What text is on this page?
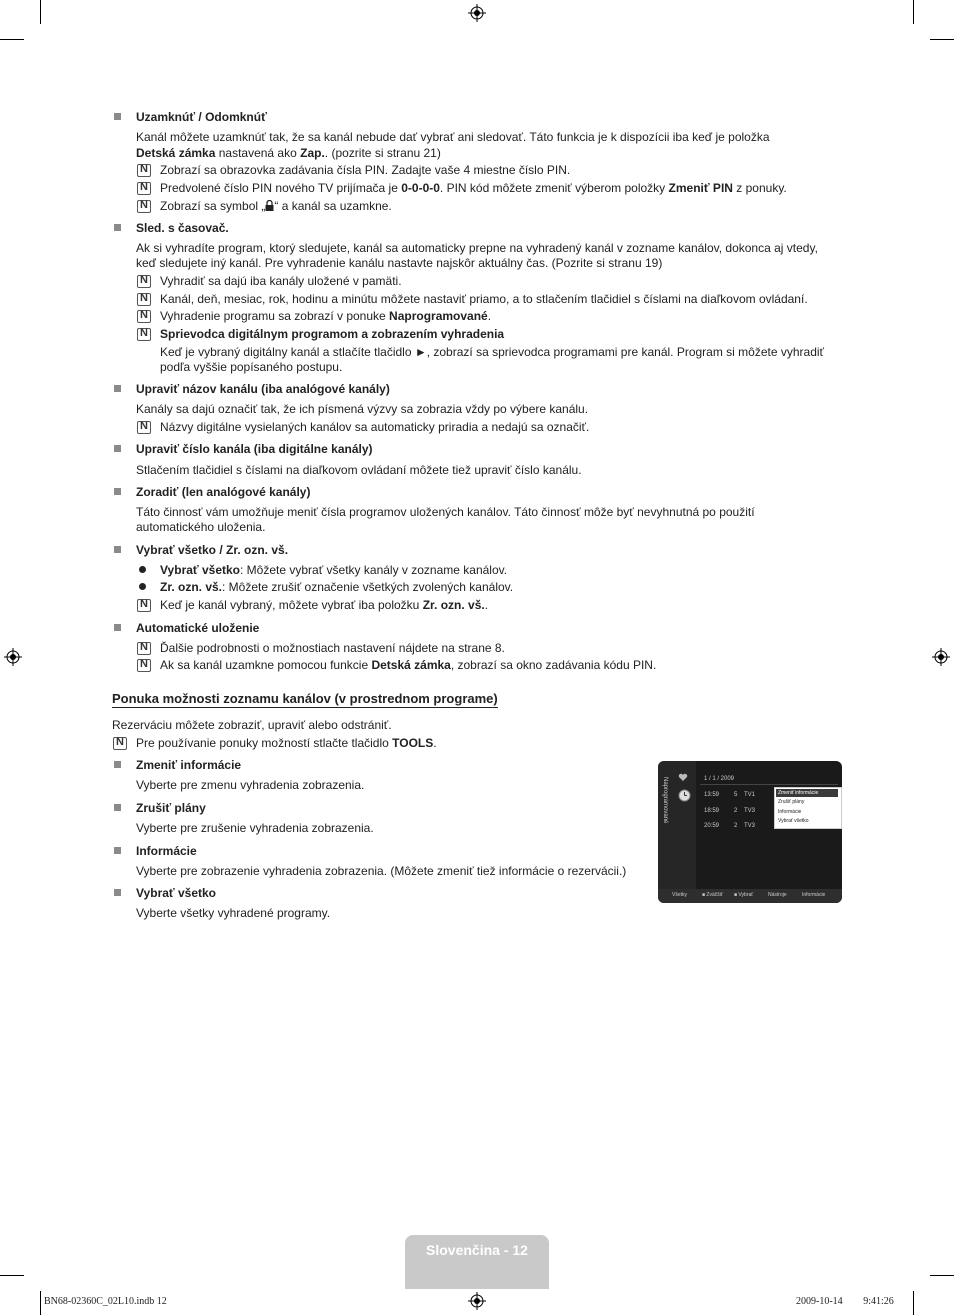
Uzamknúť / Odomknúť
Kanál môžete uzamknúť tak, že sa kanál nebude dať vybrať ani sledovať. Táto funkcia je k dispozícii iba keď je položka
Detská zámka nastavená ako Zap.. (pozrite si stranu 21)
N
Zobrazí sa obrazovka zadávania čísla PIN. Zadajte vaše 4 miestne číslo PIN.
N
Predvolené číslo PIN nového TV prijímača je 0-0-0-0. PIN kód môžete zmeniť výberom položky Zmeniť PIN z ponuky.
N
Zobrazí sa symbol „ “ a kanál sa uzamkne.
Sled. s časovač.
Ak si vyhradíte program, ktorý sledujete, kanál sa automaticky prepne na vyhradený kanál v zozname kanálov, dokonca aj vtedy,
keď sledujete iný kanál. Pre vyhradenie kanálu nastavte najskôr aktuálny čas. (Pozrite si stranu 19)
N
Vyhradiť sa dajú iba kanály uložené v pamäti.
N
Kanál, deň, mesiac, rok, hodinu a minútu môžete nastaviť priamo, a to stlačením tlačidiel s číslami na diaľkovom ovládaní.
N
Vyhradenie programu sa zobrazí v ponuke Naprogramované.
N
Sprievodca digitálnym programom a zobrazením vyhradenia
Keď je vybraný digitálny kanál a stlačíte tlačidlo ►, zobrazí sa sprievodca programami pre kanál. Program si môžete vyhradiť
podľa vyššie popísaného postupu.
Upraviť názov kanálu (iba analógové kanály)
Kanály sa dajú označiť tak, že ich písmená výzvy sa zobrazia vždy po výbere kanálu.
N
Názvy digitálne vysielaných kanálov sa automaticky priradia a nedajú sa označiť.
Upraviť číslo kanála (iba digitálne kanály)
Stlačením tlačidiel s číslami na diaľkovom ovládaní môžete tiež upraviť číslo kanálu.
Zoradiť (len analógové kanály)
Táto činnosť vám umožňuje meniť čísla programov uložených kanálov. Táto činnosť môže byť nevyhnutná po použití
automatického uloženia.
Vybrať všetko / Zr. ozn. vš.
Vybrať všetko: Môžete vybrať všetky kanály v zozname kanálov.
Zr. ozn. vš.: Môžete zrušiť označenie všetkých zvolených kanálov.
N
Keď je kanál vybraný, môžete vybrať iba položku Zr. ozn. vš..
Automatické uloženie
N
Ďalšie podrobnosti o možnostiach nastavení nájdete na strane 8.
N
Ak sa kanál uzamkne pomocou funkcie Detská zámka, zobrazí sa okno zadávania kódu PIN.
Ponuka možnosti zoznamu kanálov (v prostrednom programe)
Rezerváciu môžete zobraziť, upraviť alebo odstrániť.
N
Pre používanie ponuky možností stlačte tlačidlo TOOLS.
Zmeniť informácie
Vyberte pre zmenu vyhradenia zobrazenia.
Zrušiť plány
Vyberte pre zrušenie vyhradenia zobrazenia.
Informácie
Vyberte pre zobrazenie vyhradenia zobrazenia. (Môžete zmeniť tiež informácie o rezervácii.)
Vybrať všetko
Vyberte všetky vyhradené programy.
Naprogramované	1 / 1 / 2009
13:59 5 TV1
18:59 2 TV3
20:59 2 TV3
Zmeniť informácie
Zrušiť plány
Informácie
Vybrať všetko
Všetky	■ Zväčšiť ■ Vybrať	Nástroje	Informácie
Slovenčina - 12
BN68-02360C_02L10.indb 12	2009-10-14    9:41:26
